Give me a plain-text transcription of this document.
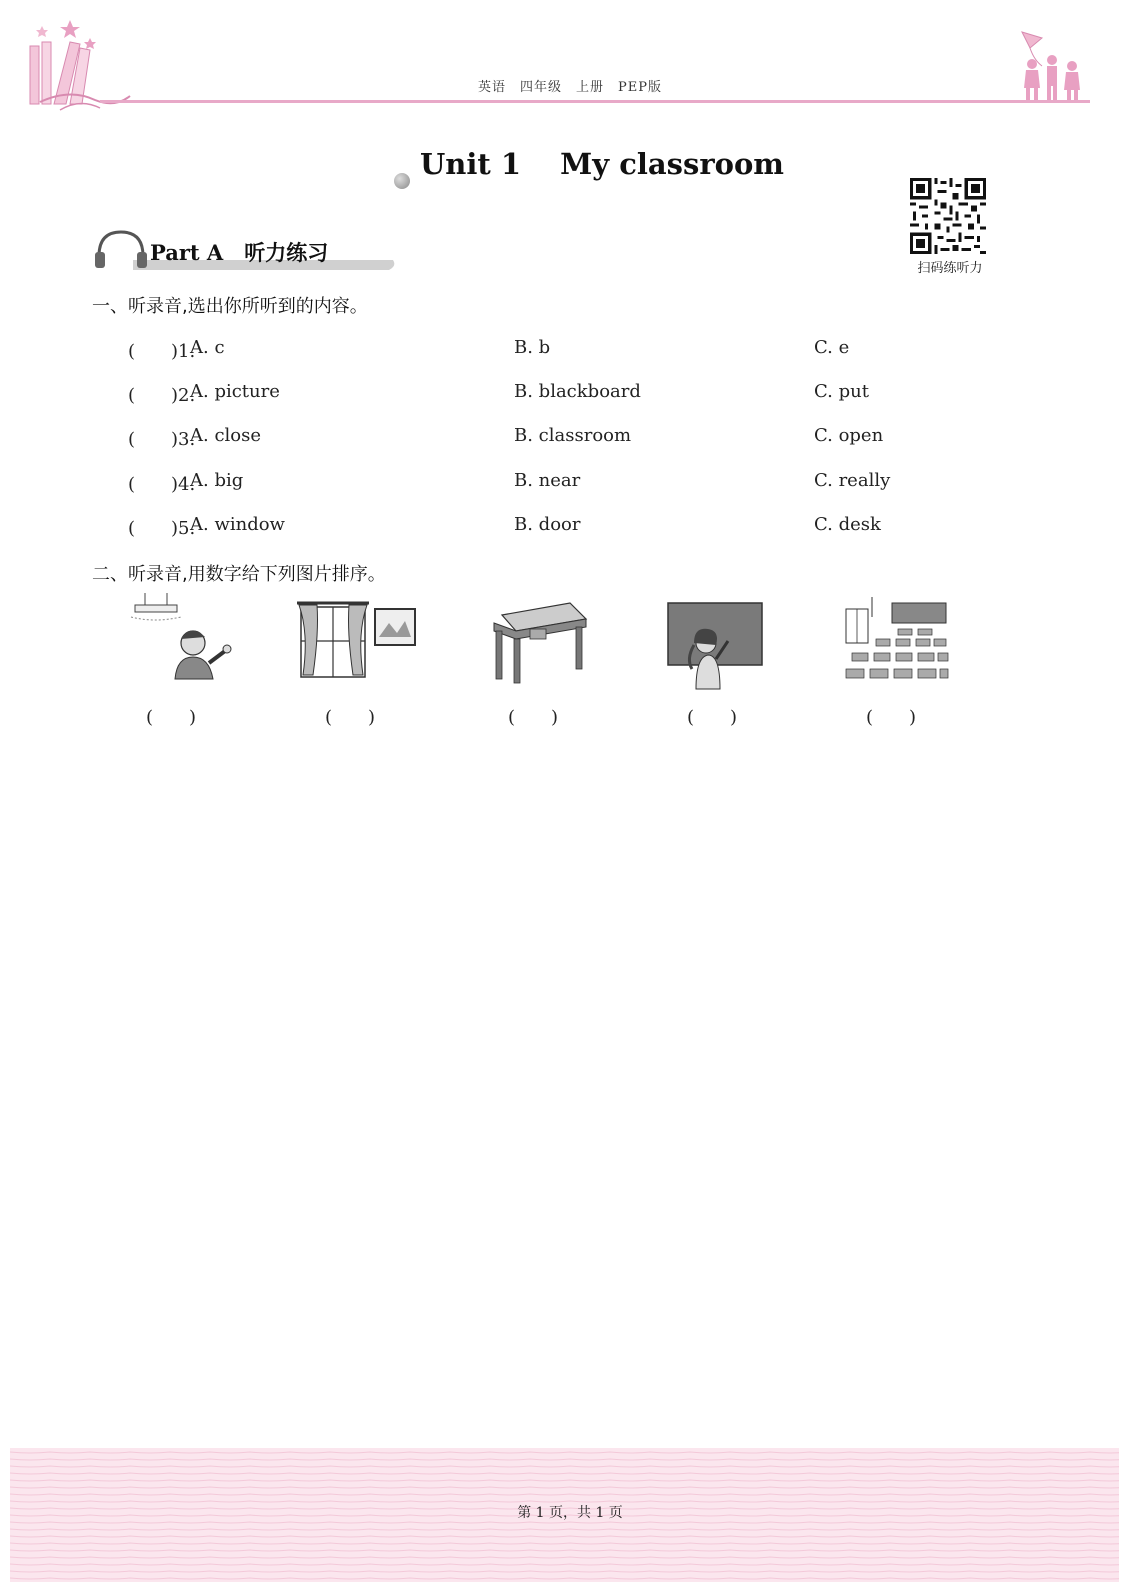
英语　四年级　上册　PEP版
Unit 1　 My classroom
扫码练听力
Part A　听力练习
一、听录音,选出你所听到的内容。
(　　)1.
A. c	B. b	C. e
(　　)2.
A. picture	B. blackboard	C. put
(　　)3.
A. close	B. classroom	C. open
(　　)4.
A. big	B. near	C. really
(　　)5.
A. window	B. door	C. desk
二、听录音,用数字给下列图片排序。
(　　)	(　　)	(　　)	(　　)	(　　)
第 1 页，共 1 页
